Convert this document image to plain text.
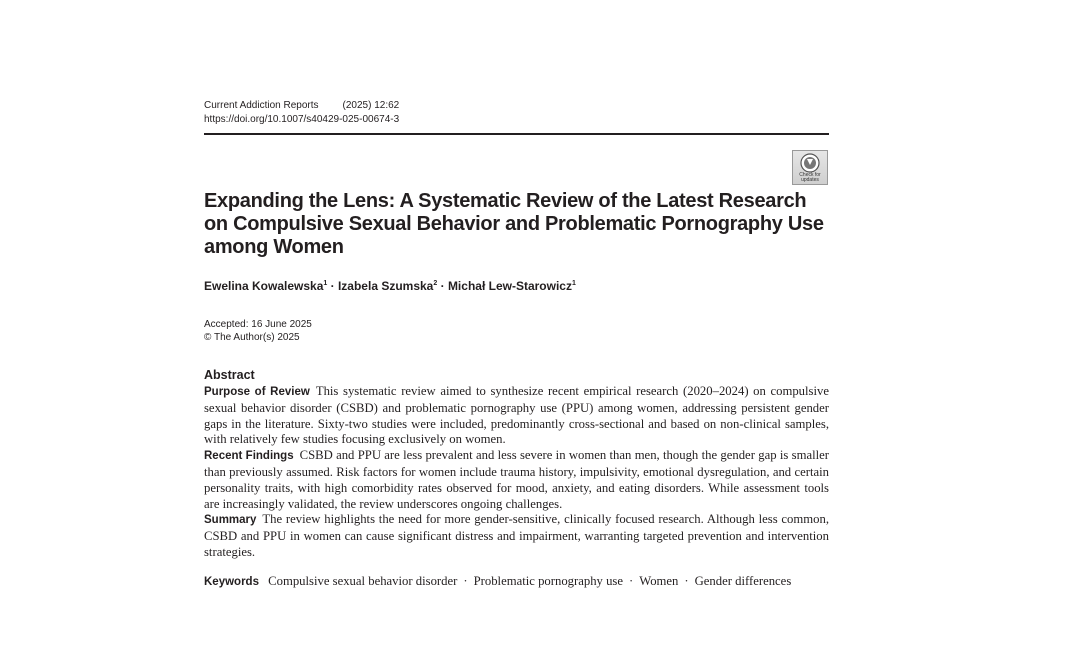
Current Addiction Reports (2025) 12:62
https://doi.org/10.1007/s40429-025-00674-3
Check for
updates
Expanding the Lens: A Systematic Review of the Latest Research on Compulsive Sexual Behavior and Problematic Pornography Use among Women
Ewelina Kowalewska$^1$ · Izabela Szumska$^2$ · Michał Lew-Starowicz$^1$
Accepted: 16 June 2025
© The Author(s) 2025
Abstract

Purpose of Review This systematic review aimed to synthesize recent empirical research (2020–2024) on compulsive sexual behavior disorder (CSBD) and problematic pornography use (PPU) among women, addressing persistent gender gaps in the literature. Sixty-two studies were included, predominantly cross-sectional and based on non-clinical samples, with relatively few studies focusing exclusively on women.

Recent Findings CSBD and PPU are less prevalent and less severe in women than men, though the gender gap is smaller than previously assumed. Risk factors for women include trauma history, impulsivity, emotional dysregulation, and certain personality traits, with high comorbidity rates observed for mood, anxiety, and eating disorders. While assessment tools are increasingly validated, the review underscores ongoing challenges.

Summary The review highlights the need for more gender-sensitive, clinically focused research. Although less common, CSBD and PPU in women can cause significant distress and impairment, warranting targeted prevention and intervention strategies.

Keywords Compulsive sexual behavior disorder · Problematic pornography use · Women · Gender differences
